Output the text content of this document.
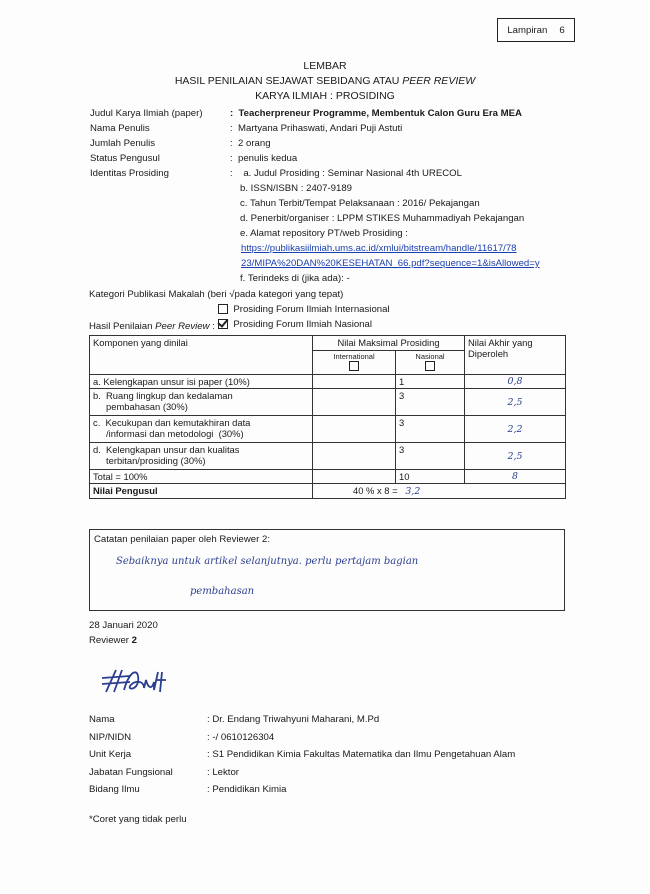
Lampiran 6
LEMBAR
HASIL PENILAIAN SEJAWAT SEBIDANG ATAU PEER REVIEW
KARYA ILMIAH : PROSIDING
Judul Karya Ilmiah (paper)	:  Teacherpreneur Programme, Membentuk Calon Guru Era MEA
Nama Penulis	:  Martyana Prihaswati, Andari Puji Astuti
Jumlah Penulis	:  2 orang
Status Pengusul	:  penulis kedua
Identitas Prosiding	:    a. Judul Prosiding : Seminar Nasional 4th URECOL
b. ISSN/ISBN : 2407-9189
c. Tahun Terbit/Tempat Pelaksanaan : 2016/ Pekajangan
d. Penerbit/organiser : LPPM STIKES Muhammadiyah Pekajangan
e. Alamat repository PT/web Prosiding :
https://publikasiilmiah.ums.ac.id/xmlui/bitstream/handle/11617/78
23/MIPA%20DAN%20KESEHATAN_66.pdf?sequence=1&isAllowed=y
f. Terindeks di (jika ada): -
Kategori Publikasi Makalah (beri √pada kategori yang tepat)
Prosiding Forum Ilmiah Internasional
Prosiding Forum Ilmiah Nasional
Hasil Penilaian Peer Review :
Komponen yang dinilai	Nilai Maksimal Prosiding		Nilai Akhir yang
Diperoleh
	International	Nasional	

a. Kelengkapan unsur isi paper (10%)		1	0,8
b.  Ruang lingkup dan kedalaman
pembahasan (30%)		3	2,5
c.  Kecukupan dan kemutakhiran data
/informasi dan metodologi  (30%)		3	2,2
d.  Kelengkapan unsur dan kualitas
terbitan/prosiding (30%)		3	2,5
Total = 100%		10	8
Nilai Pengusul	40 % x 8 = 3,2		
Catatan penilaian paper oleh Reviewer 2:
Sebaiknya untuk artikel selanjutnya. perlu pertajam bagian
pembahasan
28 Januari 2020
Reviewer 2
Nama	: Dr. Endang Triwahyuni Maharani, M.Pd
NIP/NIDN	: -/ 0610126304
Unit Kerja	: S1 Pendidikan Kimia Fakultas Matematika dan Ilmu Pengetahuan Alam
Jabatan Fungsional	: Lektor
Bidang Ilmu	: Pendidikan Kimia
*Coret yang tidak perlu
